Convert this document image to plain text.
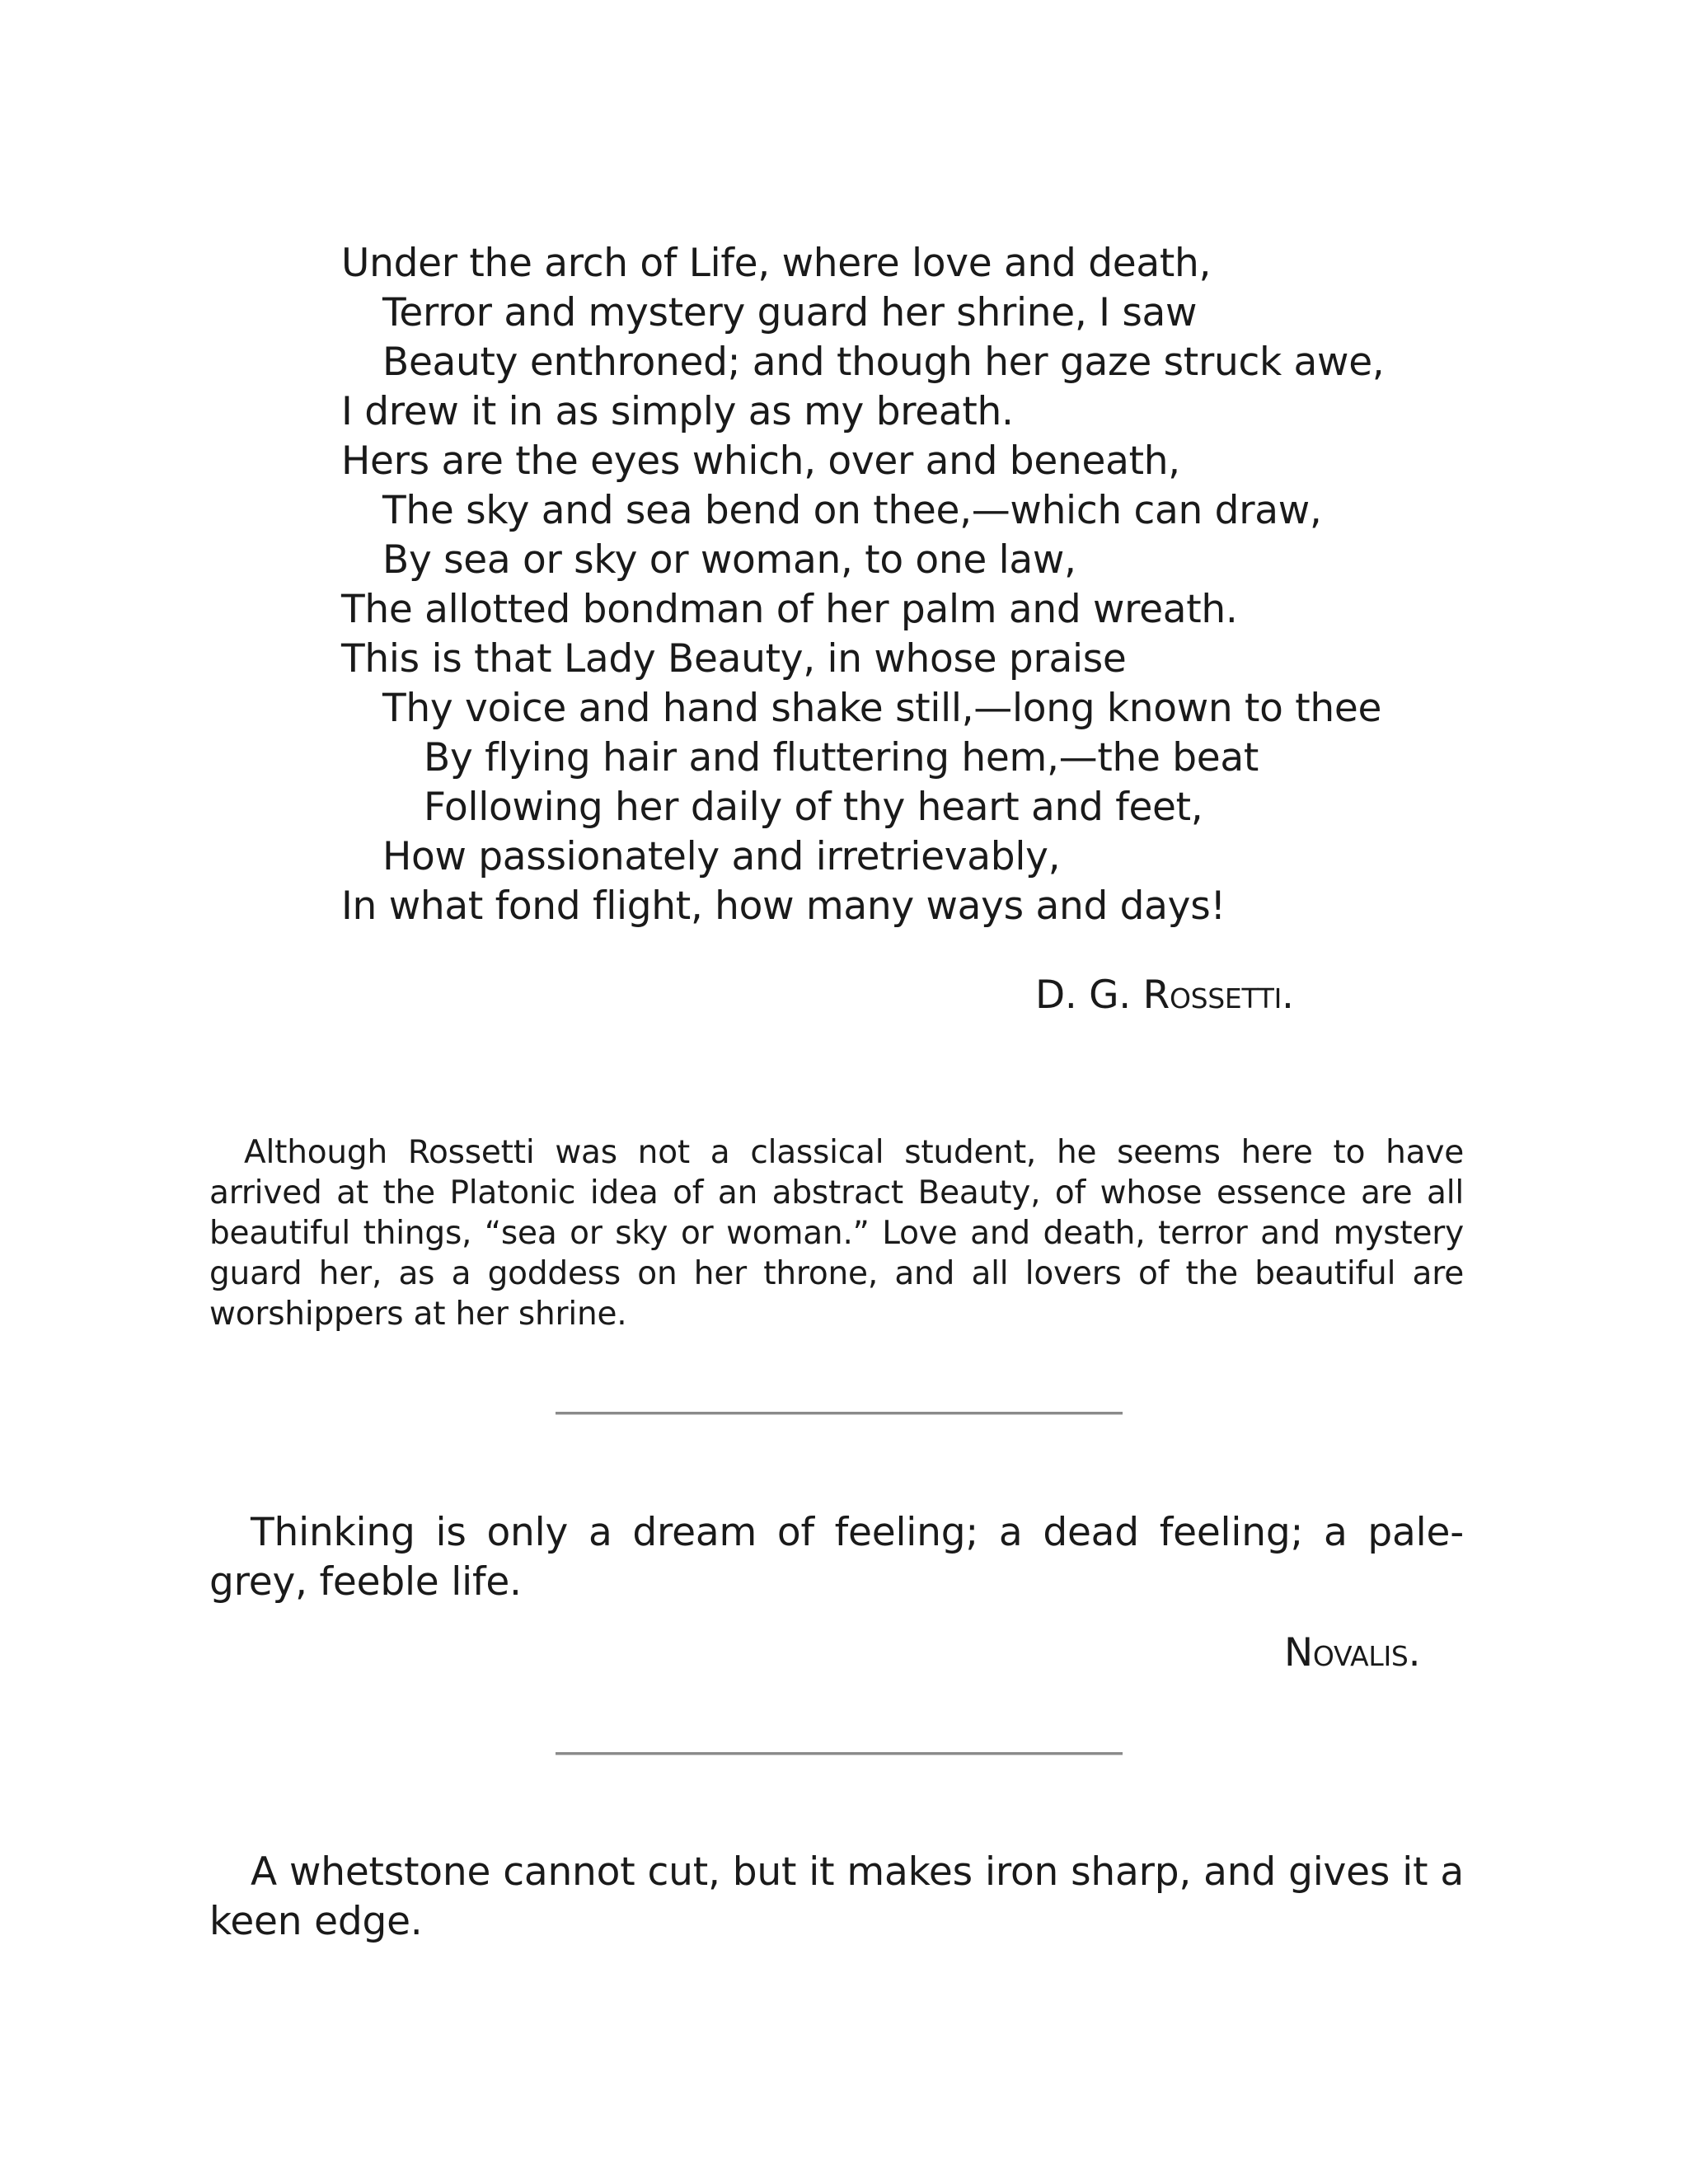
Under the arch of Life, where love and death,
Terror and mystery guard her shrine, I saw
Beauty enthroned; and though her gaze struck awe,
I drew it in as simply as my breath.
Hers are the eyes which, over and beneath,
The sky and sea bend on thee,—which can draw,
By sea or sky or woman, to one law,
The allotted bondman of her palm and wreath.
This is that Lady Beauty, in whose praise
Thy voice and hand shake still,—long known to thee
By flying hair and fluttering hem,—the beat
Following her daily of thy heart and feet,
How passionately and irretrievably,
In what fond flight, how many ways and days!
D. G. ROSSETTI.

Although Rossetti was not a classical student, he seems here to have arrived at the Platonic idea of an abstract Beauty, of whose essence are all beautiful things, “sea or sky or woman.” Love and death, terror and mystery guard her, as a goddess on her throne, and all lovers of the beautiful are worshippers at her shrine.

Thinking is only a dream of feeling; a dead feeling; a pale-grey, feeble life.

NOVALIS.

A whetstone cannot cut, but it makes iron sharp, and gives it a keen edge.
